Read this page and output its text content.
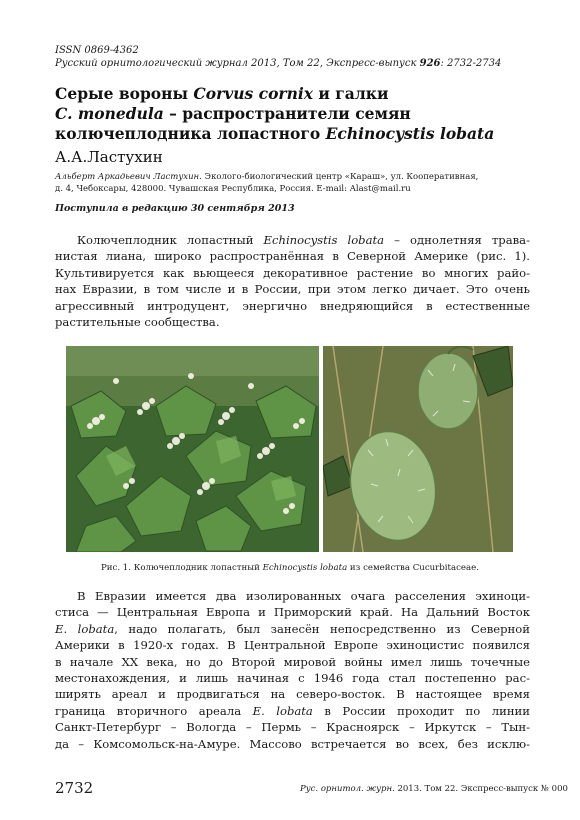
ISSN 0869-4362
Русский орнитологический журнал 2013, Том 22, Экспресс-выпуск 926: 2732-2734
Серые вороны Corvus cornix и галки
C. monedula – распространители семян
колючеплодника лопастного Echinocystis lobata
А.А.Ластухин
Альберт Аркадьевич Ластухин. Эколого-биологический центр «Караш», ул. Кооперативная,
д. 4, Чебоксары, 428000. Чувашская Республика, Россия. E-mail: Alast@mail.ru
Поступила в редакцию 30 сентября 2013
Колючеплодник лопастный Echinocystis lobata – однолетняя трава-
нистая лиана, широко распространённая в Северной Америке (рис. 1).
Культивируется как вьющееся декоративное растение во многих райо-
нах Евразии, в том числе и в России, при этом легко дичает. Это очень
агрессивный интродуцент, энергично внедряющийся в естественные
растительные сообщества.
Рис. 1. Колючеплодник лопастный Echinocystis lobata из семейства Cucurbitaceae.
В Евразии имеется два изолированных очага расселения эхиноци-
стиса — Центральная Европа и Приморский край. На Дальний Восток
E. lobata, надо полагать, был занесён непосредственно из Северной
Америки в 1920-х годах. В Центральной Европе эхиноцистис появился
в начале XX века, но до Второй мировой войны имел лишь точечные
местонахождения, и лишь начиная с 1946 года стал постепенно рас-
ширять ареал и продвигаться на северо-восток. В настоящее время
граница вторичного ареала E. lobata в России проходит по линии
Санкт-Петербург – Вологда – Пермь – Красноярск – Иркутск – Тын-
да – Комсомольск-на-Амуре. Массово встречается во всех, без исклю-
2732	Рус. орнитол. журн. 2013. Том 22. Экспресс-выпуск № 000
